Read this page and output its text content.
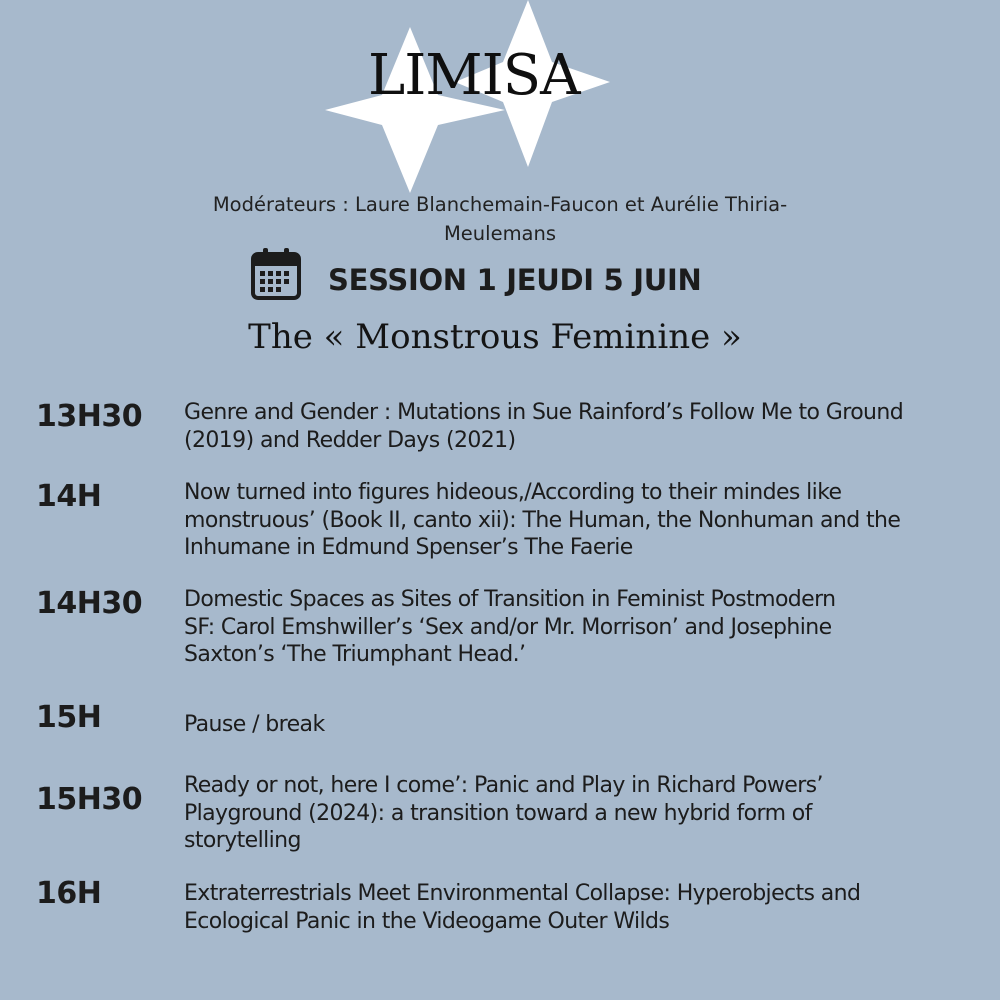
LIMISA
Modérateurs : Laure Blanchemain-Faucon et Aurélie Thiria-
Meulemans
SESSION 1 JEUDI 5 JUIN
The « Monstrous Feminine »
13H30	Genre and Gender : Mutations in Sue Rainford’s Follow Me to Ground
(2019) and Redder Days (2021)
14H	Now turned into figures hideous,/According to their mindes like
monstruous’ (Book II, canto xii): The Human, the Nonhuman and the
Inhumane in Edmund Spenser’s The Faerie
14H30	Domestic Spaces as Sites of Transition in Feminist Postmodern
SF: Carol Emshwiller’s ‘Sex and/or Mr. Morrison’ and Josephine
Saxton’s ‘The Triumphant Head.’
15H	Pause / break
15H30	Ready or not, here I come’: Panic and Play in Richard Powers’
Playground (2024): a transition toward a new hybrid form of
storytelling
16H	Extraterrestrials Meet Environmental Collapse: Hyperobjects and
Ecological Panic in the Videogame Outer Wilds
